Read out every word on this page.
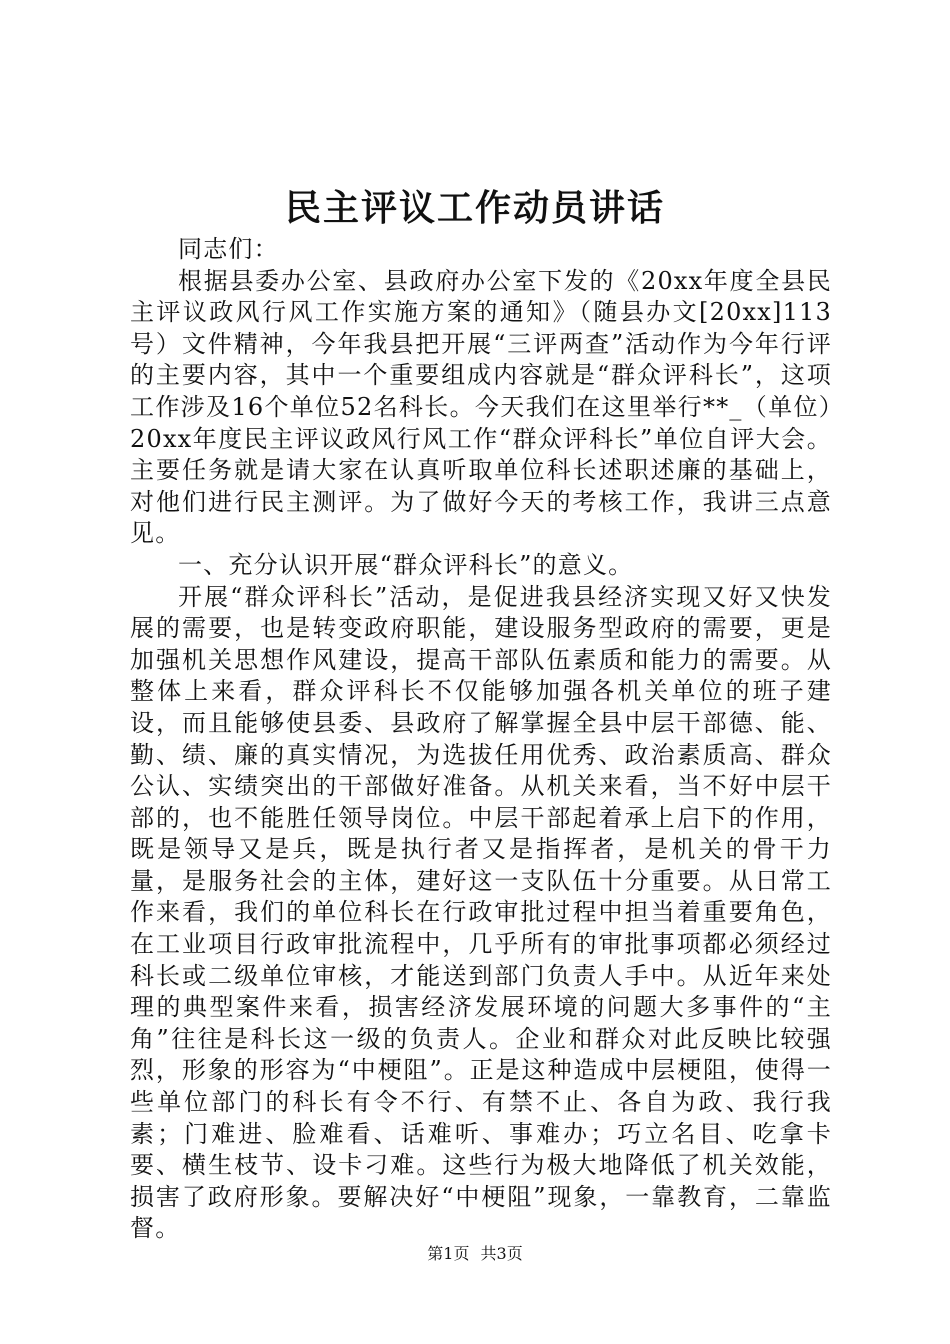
民主评议工作动员讲话

同志们：

根据县委办公室、县政府办公室下发的《20xx年度全县民主评议政风行风工作实施方案的通知》（随县办文[20xx]113号）文件精神，今年我县把开展“三评两查”活动作为今年行评的主要内容，其中一个重要组成内容就是“群众评科长”，这项工作涉及16个单位52名科长。今天我们在这里举行**_（单位）20xx年度民主评议政风行风工作“群众评科长”单位自评大会。主要任务就是请大家在认真听取单位科长述职述廉的基础上，对他们进行民主测评。为了做好今天的考核工作，我讲三点意见。

一、充分认识开展“群众评科长”的意义。

开展“群众评科长”活动，是促进我县经济实现又好又快发展的需要，也是转变政府职能，建设服务型政府的需要，更是加强机关思想作风建设，提高干部队伍素质和能力的需要。从整体上来看，群众评科长不仅能够加强各机关单位的班子建设，而且能够使县委、县政府了解掌握全县中层干部德、能、勤、绩、廉的真实情况，为选拔任用优秀、政治素质高、群众公认、实绩突出的干部做好准备。从机关来看，当不好中层干部的，也不能胜任领导岗位。中层干部起着承上启下的作用，既是领导又是兵，既是执行者又是指挥者，是机关的骨干力量，是服务社会的主体，建好这一支队伍十分重要。从日常工作来看，我们的单位科长在行政审批过程中担当着重要角色，在工业项目行政审批流程中，几乎所有的审批事项都必须经过科长或二级单位审核，才能送到部门负责人手中。从近年来处理的典型案件来看，损害经济发展环境的问题大多事件的“主角”往往是科长这一级的负责人。企业和群众对此反映比较强烈，形象的形容为“中梗阻”。正是这种造成中层梗阻，使得一些单位部门的科长有令不行、有禁不止、各自为政、我行我素；门难进、脸难看、话难听、事难办；巧立名目、吃拿卡要、横生枝节、设卡刁难。这些行为极大地降低了机关效能，损害了政府形象。要解决好“中梗阻”现象，一靠教育，二靠监督。

第1页 共3页
